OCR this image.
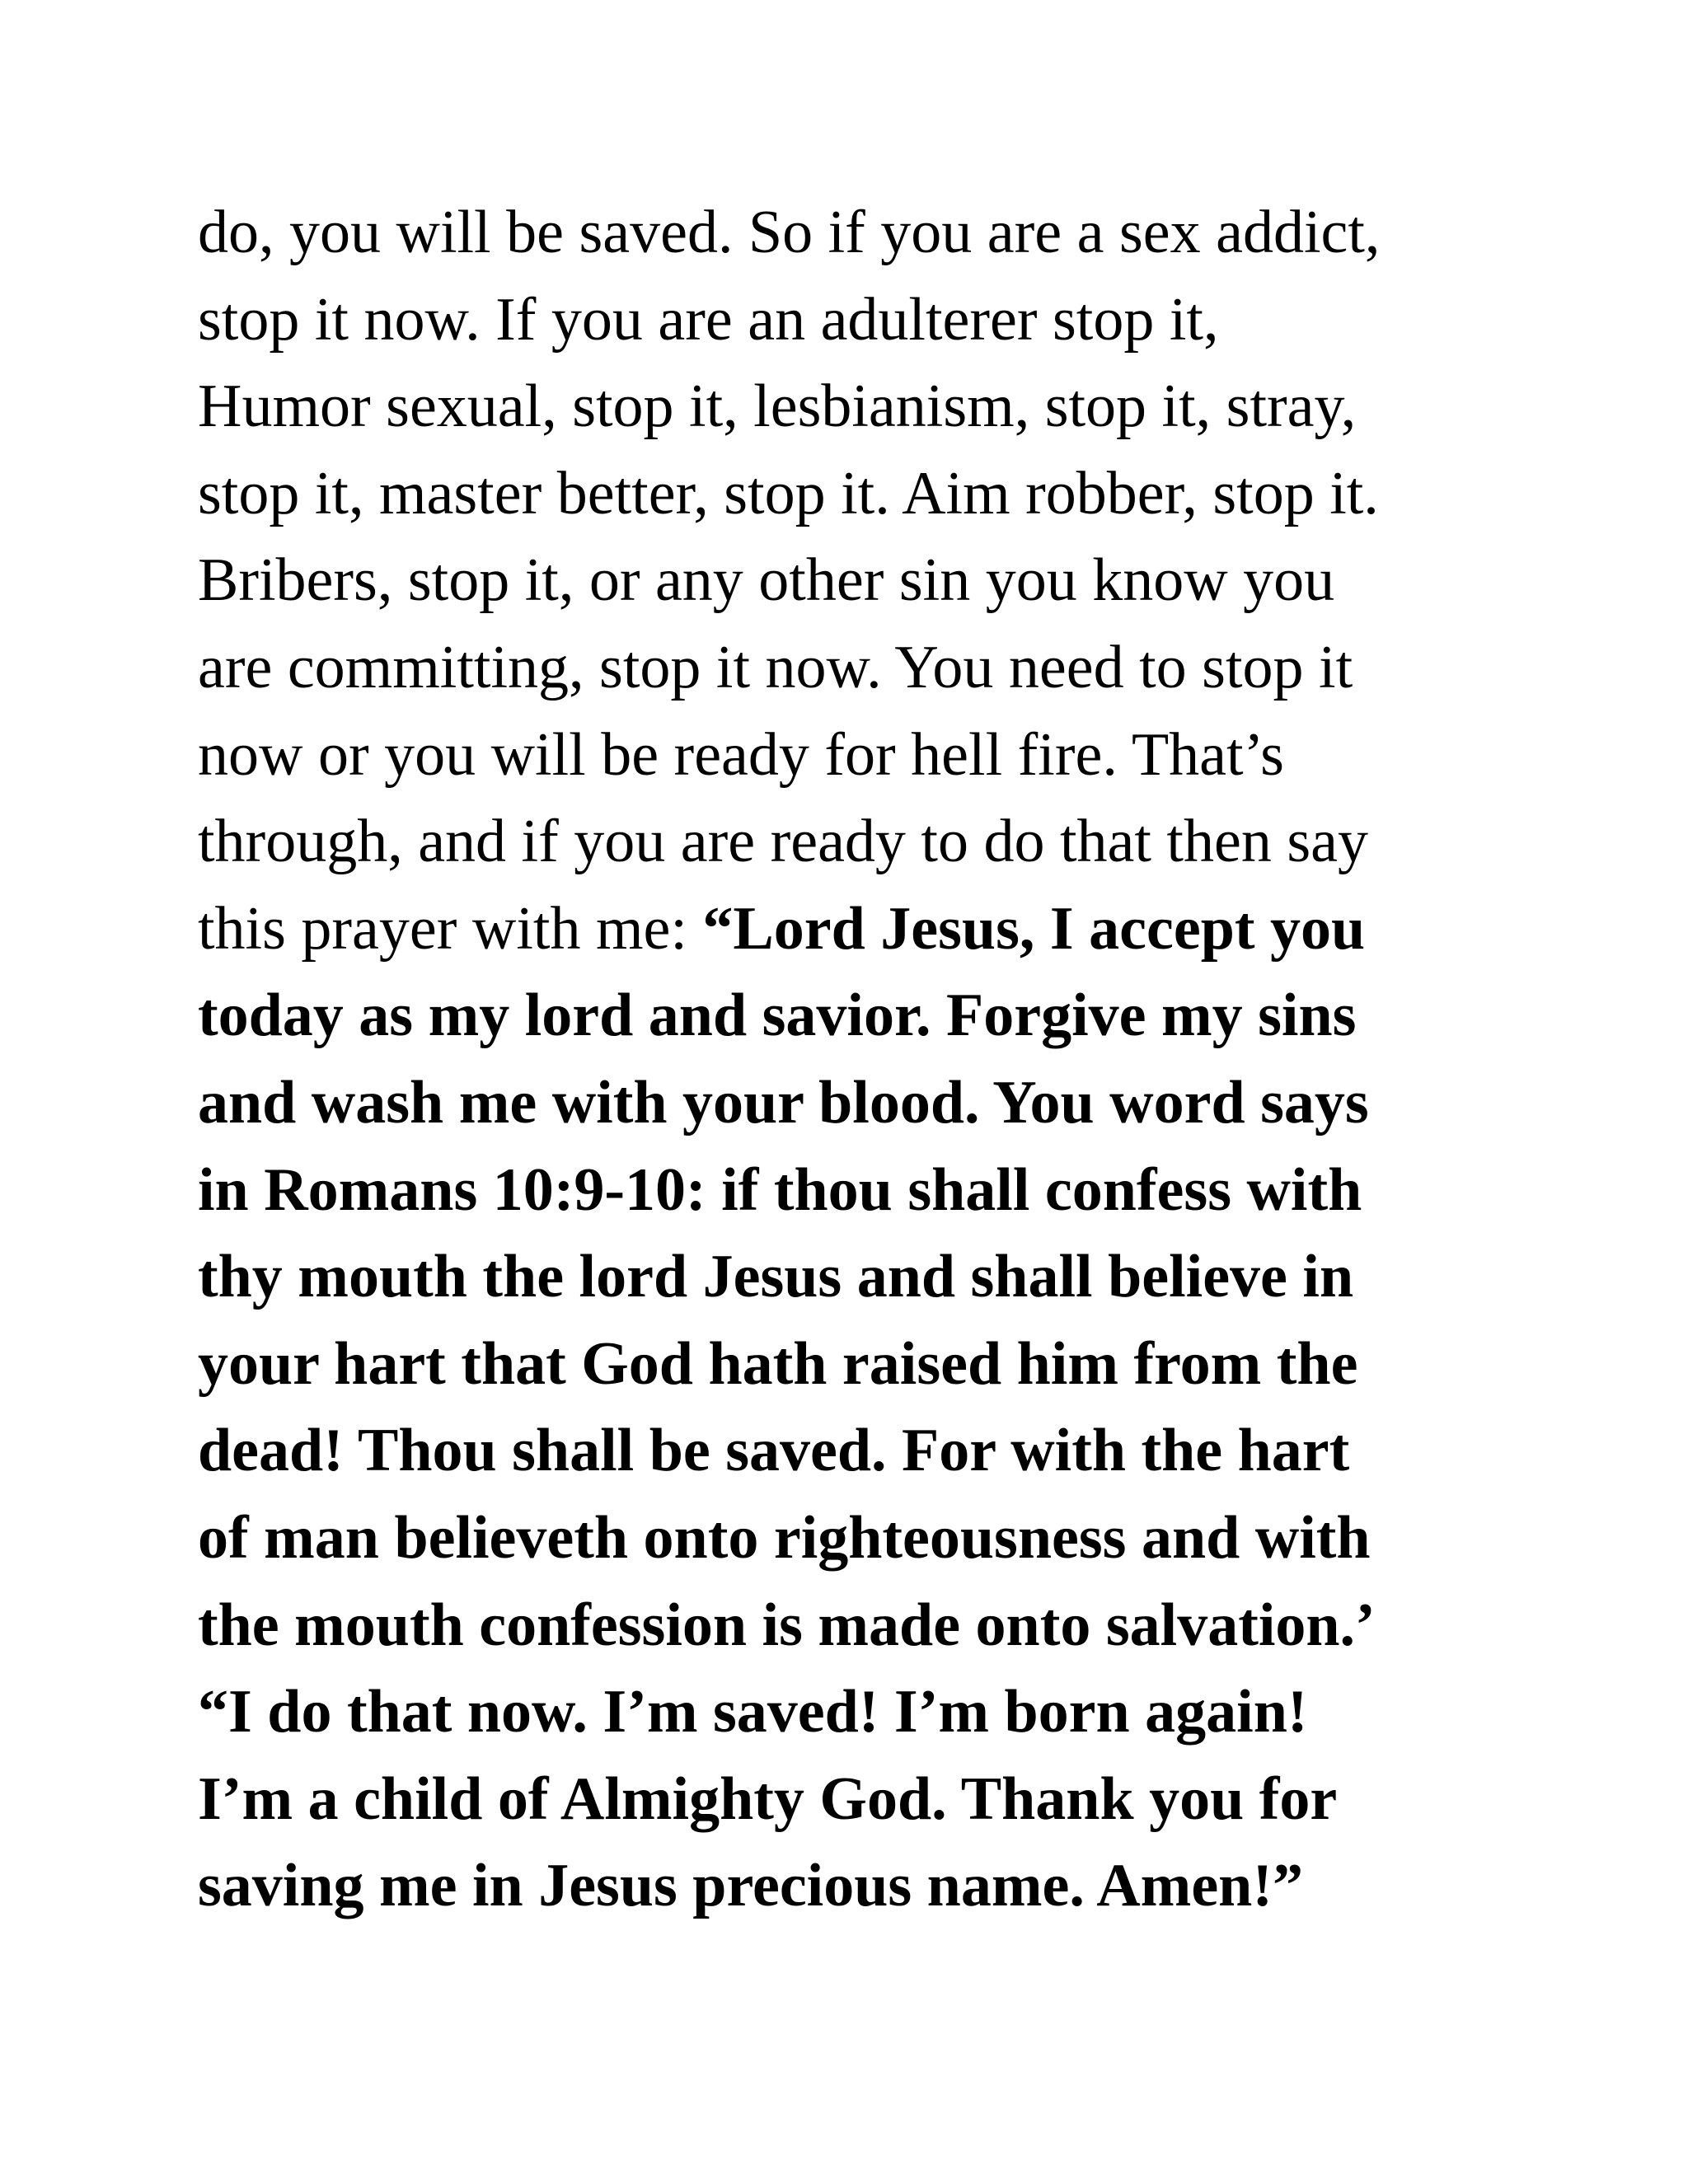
do, you will be saved. So if you are a sex addict,
stop it now. If you are an adulterer stop it,
Humor sexual, stop it, lesbianism, stop it, stray,
stop it, master better, stop it. Aim robber, stop it.
Bribers, stop it, or any other sin you know you
are committing, stop it now. You need to stop it
now or you will be ready for hell fire. That’s
through, and if you are ready to do that then say
this prayer with me: “Lord Jesus, I accept you
today as my lord and savior. Forgive my sins
and wash me with your blood. You word says
in Romans 10:9-10: if thou shall confess with
thy mouth the lord Jesus and shall believe in
your hart that God hath raised him from the
dead! Thou shall be saved. For with the hart
of man believeth onto righteousness and with
the mouth confession is made onto salvation.’
“I do that now. I’m saved! I’m born again!
I’m a child of Almighty God. Thank you for
saving me in Jesus precious name. Amen!”
